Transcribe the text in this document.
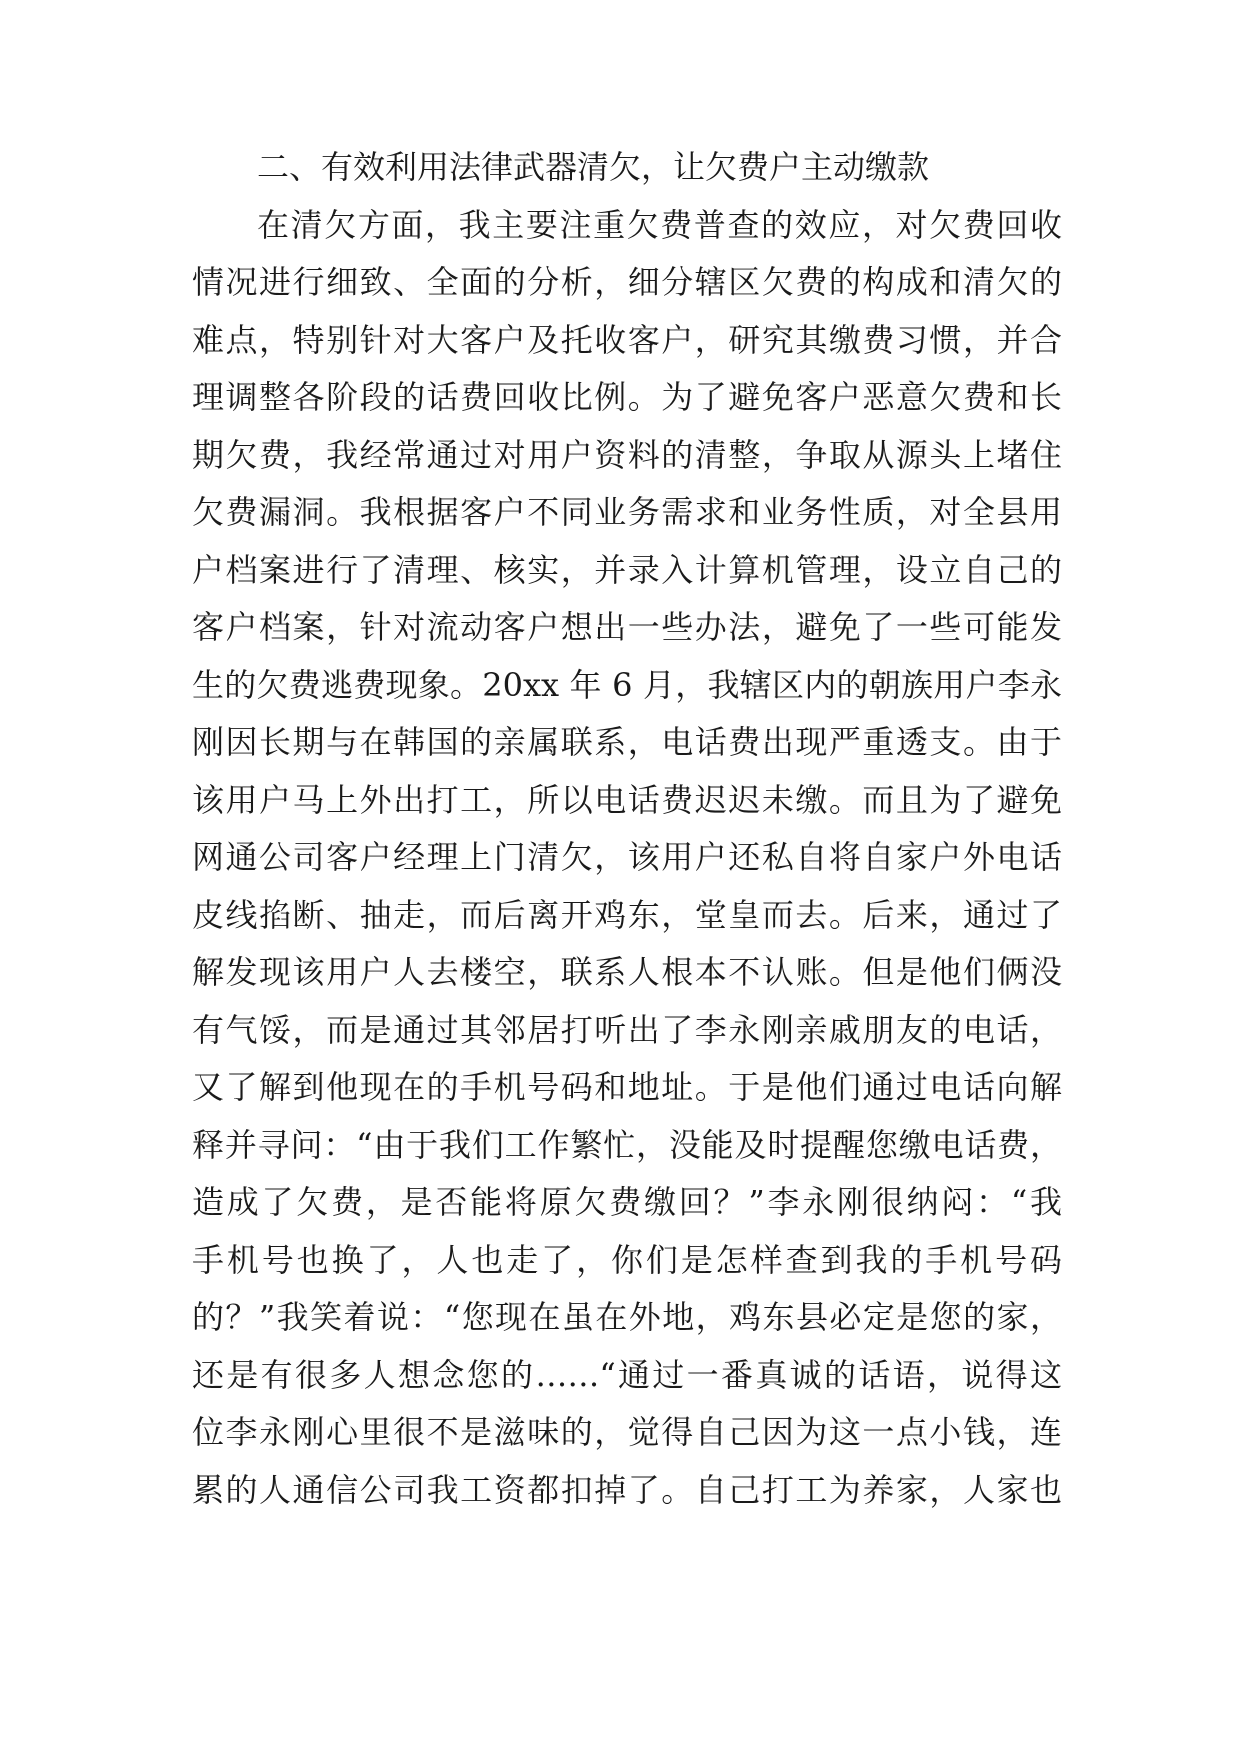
二、有效利用法律武器清欠，让欠费户主动缴款
在清欠方面，我主要注重欠费普查的效应，对欠费回收
情况进行细致、全面的分析，细分辖区欠费的构成和清欠的
难点，特别针对大客户及托收客户，研究其缴费习惯，并合
理调整各阶段的话费回收比例。为了避免客户恶意欠费和长
期欠费，我经常通过对用户资料的清整，争取从源头上堵住
欠费漏洞。我根据客户不同业务需求和业务性质，对全县用
户档案进行了清理、核实，并录入计算机管理，设立自己的
客户档案，针对流动客户想出一些办法，避免了一些可能发
生的欠费逃费现象。20xx 年 6 月，我辖区内的朝族用户李永
刚因长期与在韩国的亲属联系，电话费出现严重透支。由于
该用户马上外出打工，所以电话费迟迟未缴。而且为了避免
网通公司客户经理上门清欠，该用户还私自将自家户外电话
皮线掐断、抽走，而后离开鸡东，堂皇而去。后来，通过了
解发现该用户人去楼空，联系人根本不认账。但是他们俩没
有气馁，而是通过其邻居打听出了李永刚亲戚朋友的电话，
又了解到他现在的手机号码和地址。于是他们通过电话向解
释并寻问：“由于我们工作繁忙，没能及时提醒您缴电话费，
造成了欠费，是否能将原欠费缴回？”李永刚很纳闷：“我
手机号也换了，人也走了，你们是怎样查到我的手机号码
的？”我笑着说：“您现在虽在外地，鸡东县必定是您的家，
还是有很多人想念您的……“通过一番真诚的话语，说得这
位李永刚心里很不是滋味的，觉得自己因为这一点小钱，连
累的人通信公司我工资都扣掉了。自己打工为养家，人家也
